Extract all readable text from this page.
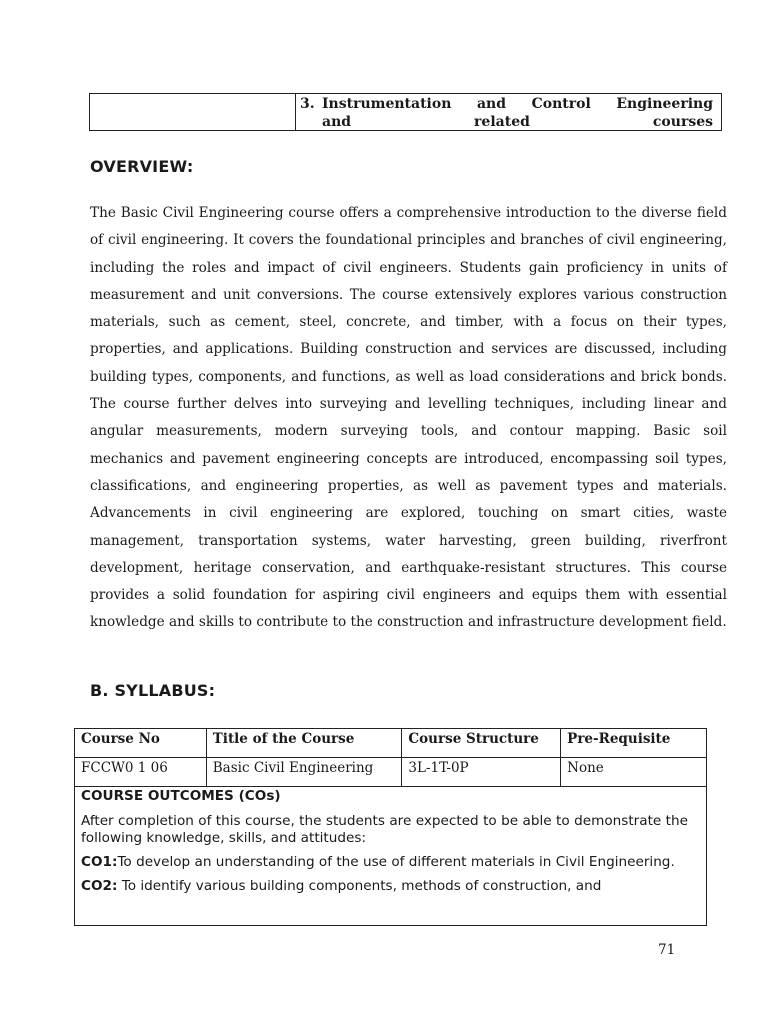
3. Instrumentation and Control Engineering
and related courses
OVERVIEW:
The Basic Civil Engineering course offers a comprehensive introduction to the diverse field of civil engineering. It covers the foundational principles and branches of civil engineering, including the roles and impact of civil engineers. Students gain proficiency in units of measurement and unit conversions. The course extensively explores various construction materials, such as cement, steel, concrete, and timber, with a focus on their types, properties, and applications. Building construction and services are discussed, including building types, components, and functions, as well as load considerations and brick bonds. The course further delves into surveying and levelling techniques, including linear and angular measurements, modern surveying tools, and contour mapping. Basic soil mechanics and pavement engineering concepts are introduced, encompassing soil types, classifications, and engineering properties, as well as pavement types and materials. Advancements in civil engineering are explored, touching on smart cities, waste management, transportation systems, water harvesting, green building, riverfront development, heritage conservation, and earthquake-resistant structures. This course provides a solid foundation for aspiring civil engineers and equips them with essential knowledge and skills to contribute to the construction and infrastructure development field.
B. SYLLABUS:
Course No	Title of the Course	Course Structure	Pre-Requisite
FCCW0 1 06	Basic Civil Engineering	3L-1T-0P	None
COURSE OUTCOMES (COs)

After completion of this course, the students are expected to be able to demonstrate the following knowledge, skills, and attitudes:

CO1:To develop an understanding of the use of different materials in Civil Engineering.

CO2: To identify various building components, methods of construction, and

71
